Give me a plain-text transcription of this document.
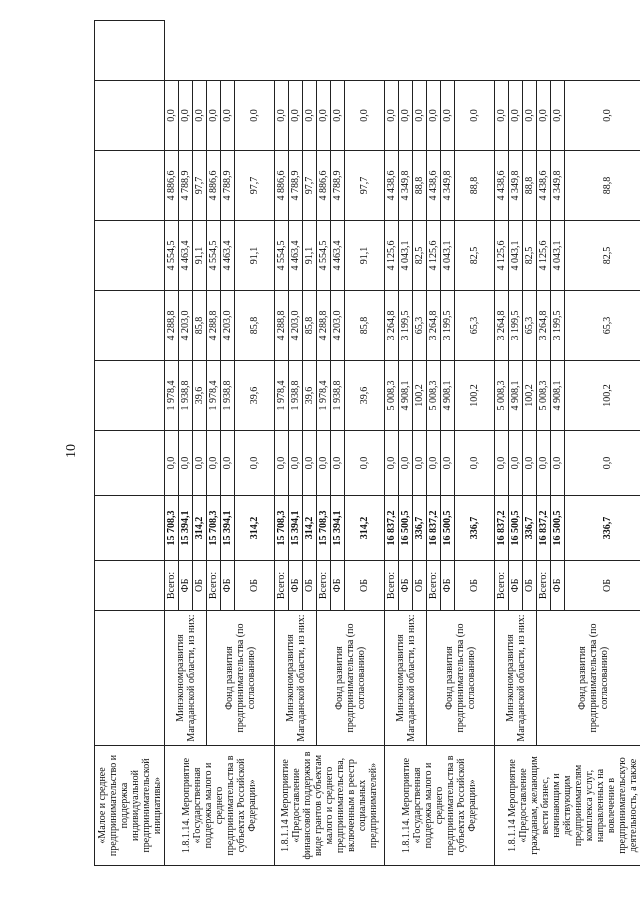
10
«Малое и среднее предпринимательство и поддержка индивидуальной предпринимательской инициативы»										
1.8.1.14. Мероприятие «Государственная поддержка малого и среднего предпринимательства в субъектах Российской Федерации»	Минэкономразвития Магаданской области, из них:	Всего:	15 708,3	0,0	1 978,4	4 288,8	4 554,5	4 886,6	0,0	
		ФБ	15 394,1	0,0	1 938,8	4 203,0	4 463,4	4 788,9	0,0	
		ОБ	314,2	0,0	39,6	85,8	91,1	97,7	0,0	
	Фонд развития предпринимательства (по согласованию)	Всего:	15 708,3	0,0	1 978,4	4 288,8	4 554,5	4 886,6	0,0	
		ФБ	15 394,1	0,0	1 938,8	4 203,0	4 463,4	4 788,9	0,0	
		ОБ	314,2	0,0	39,6	85,8	91,1	97,7	0,0	
1.8.1.14 Мероприятие «Предоставление финансовой поддержки в виде грантов субъектам малого и среднего предпринимательства, включенным в реестр социальных предпринимателей»	Минэкономразвития Магаданской области, из них:	Всего:	15 708,3	0,0	1 978,4	4 288,8	4 554,5	4 886,6	0,0	
		ФБ	15 394,1	0,0	1 938,8	4 203,0	4 463,4	4 788,9	0,0	
		ОБ	314,2	0,0	39,6	85,8	91,1	97,7	0,0	
	Фонд развития предпринимательства (по согласованию)	Всего:	15 708,3	0,0	1 978,4	4 288,8	4 554,5	4 886,6	0,0	
		ФБ	15 394,1	0,0	1 938,8	4 203,0	4 463,4	4 788,9	0,0	
		ОБ	314,2	0,0	39,6	85,8	91,1	97,7	0,0	
1.8.1.14. Мероприятие «Государственная поддержка малого и среднего предпринимательства в субъектах Российской Федерации»	Минэкономразвития Магаданской области, из них:	Всего:	16 837,2	0,0	5 008,3	3 264,8	4 125,6	4 438,6	0,0	
		ФБ	16 500,5	0,0	4 908,1	3 199,5	4 043,1	4 349,8	0,0	
		ОБ	336,7	0,0	100,2	65,3	82,5	88,8	0,0	
	Фонд развития предпринимательства (по согласованию)	Всего:	16 837,2	0,0	5 008,3	3 264,8	4 125,6	4 438,6	0,0	
		ФБ	16 500,5	0,0	4 908,1	3 199,5	4 043,1	4 349,8	0,0	
		ОБ	336,7	0,0	100,2	65,3	82,5	88,8	0,0	
1.8.1.14 Мероприятие «Предоставление гражданам, желающим вести бизнес, начинающим и действующим предпринимателям комплекса услуг, направленных на вовлечение в предпринимательскую деятельность, а также	Минэкономразвития Магаданской области, из них:	Всего:	16 837,2	0,0	5 008,3	3 264,8	4 125,6	4 438,6	0,0	
		ФБ	16 500,5	0,0	4 908,1	3 199,5	4 043,1	4 349,8	0,0	
		ОБ	336,7	0,0	100,2	65,3	82,5	88,8	0,0	
	Фонд развития предпринимательства (по согласованию)	Всего:	16 837,2	0,0	5 008,3	3 264,8	4 125,6	4 438,6	0,0	
		ФБ	16 500,5	0,0	4 908,1	3 199,5	4 043,1	4 349,8	0,0	
		ОБ	336,7	0,0	100,2	65,3	82,5	88,8	0,0	
